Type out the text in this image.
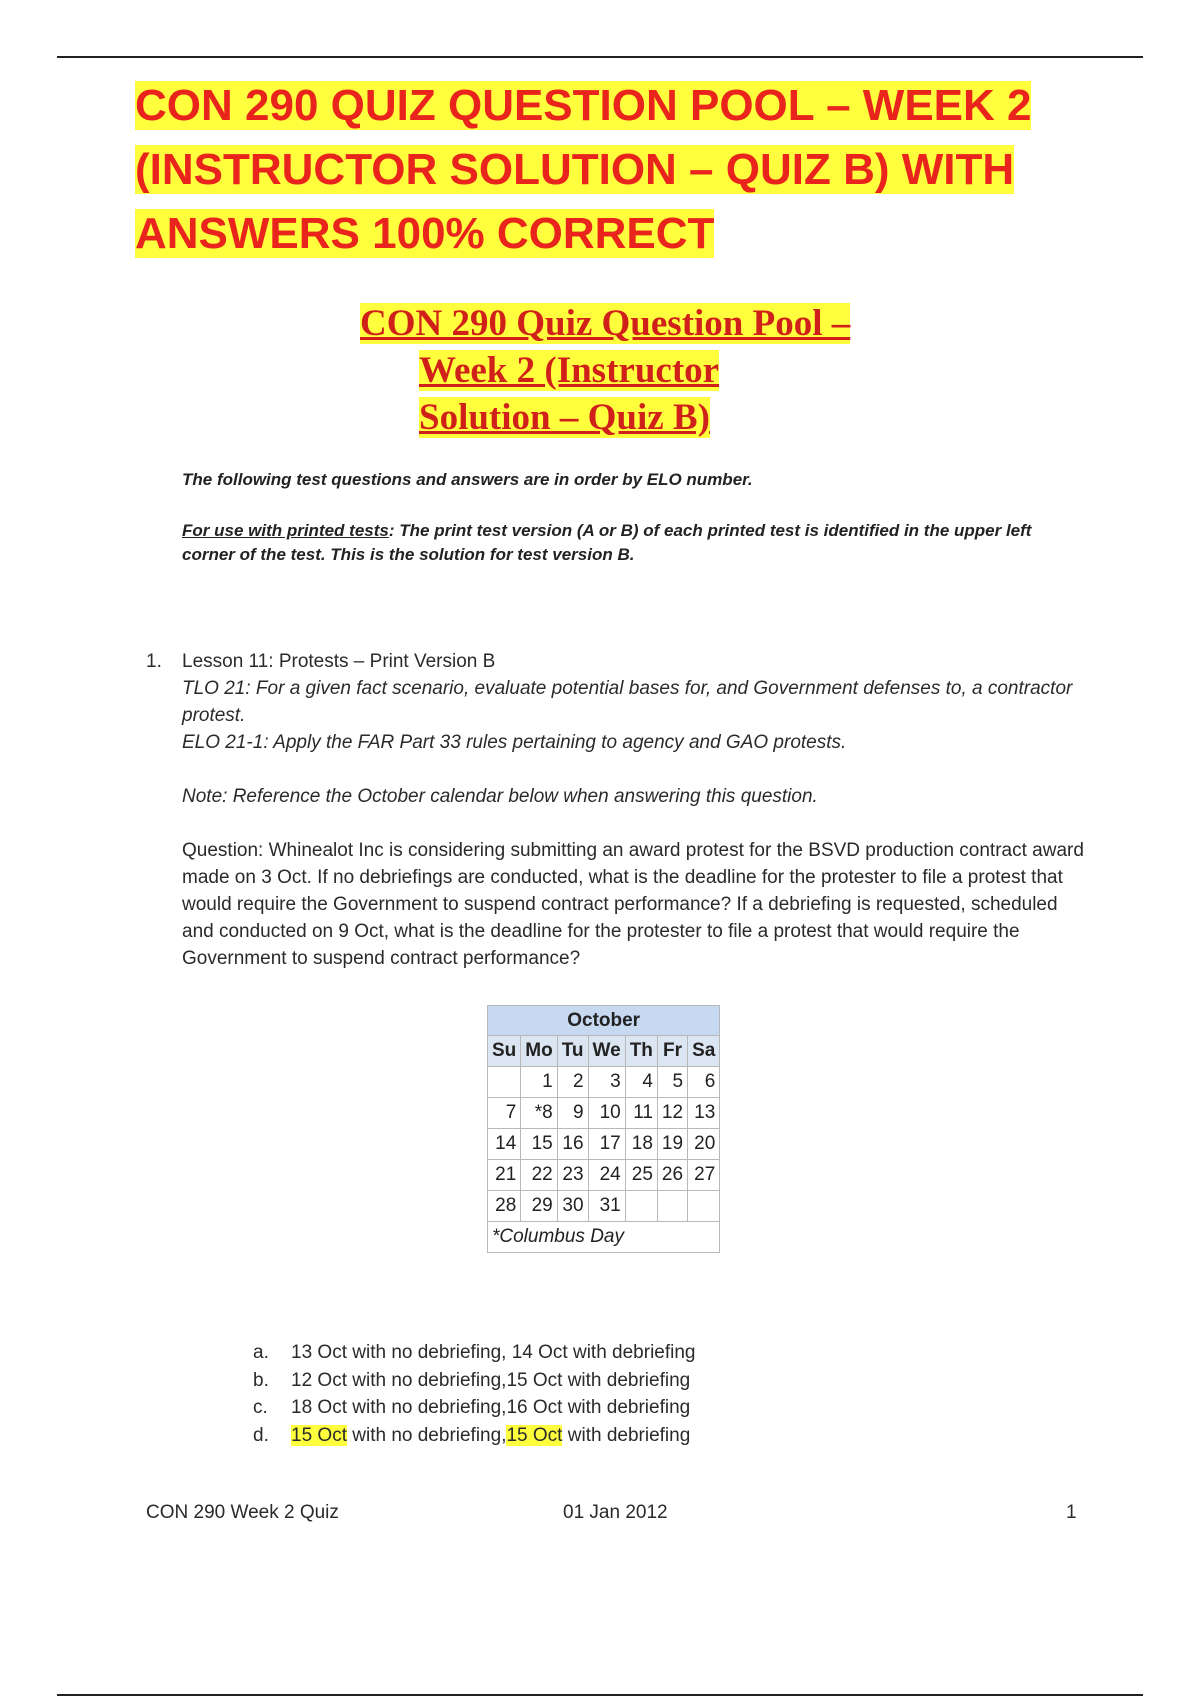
CON 290 QUIZ QUESTION POOL – WEEK 2
(INSTRUCTOR SOLUTION – QUIZ B) WITH
ANSWERS 100% CORRECT
CON 290 Quiz Question Pool –
Week 2 (Instructor
Solution – Quiz B)
The following test questions and answers are in order by ELO number.
For use with printed tests: The print test version (A or B) of each printed test is identified in the upper left corner of the test. This is the solution for test version B.
1. Lesson 11: Protests – Print Version B

TLO 21: For a given fact scenario, evaluate potential bases for, and Government defenses to, a contractor protest.

ELO 21-1: Apply the FAR Part 33 rules pertaining to agency and GAO protests.

Note: Reference the October calendar below when answering this question.

Question: Whinealot Inc is considering submitting an award protest for the BSVD production contract award made on 3 Oct. If no debriefings are conducted, what is the deadline for the protester to file a protest that would require the Government to suspend contract performance? If a debriefing is requested, scheduled and conducted on 9 Oct, what is the deadline for the protester to file a protest that would require the Government to suspend contract performance?

October						
Su	Mo	Tu	We	Th	Fr	Sa
	1	2	3	4	5	6
7	*8	9	10	11	12	13
14	15	16	17	18	19	20
21	22	23	24	25	26	27
28	29	30	31			
*Columbus Day						
a. 13 Oct with no debriefing, 14 Oct with debriefing
b. 12 Oct with no debriefing,15 Oct with debriefing
c. 18 Oct with no debriefing,16 Oct with debriefing
d. 15 Oct with no debriefing,15 Oct with debriefing
CON 290 Week 2 Quiz	01 Jan 2012	1
